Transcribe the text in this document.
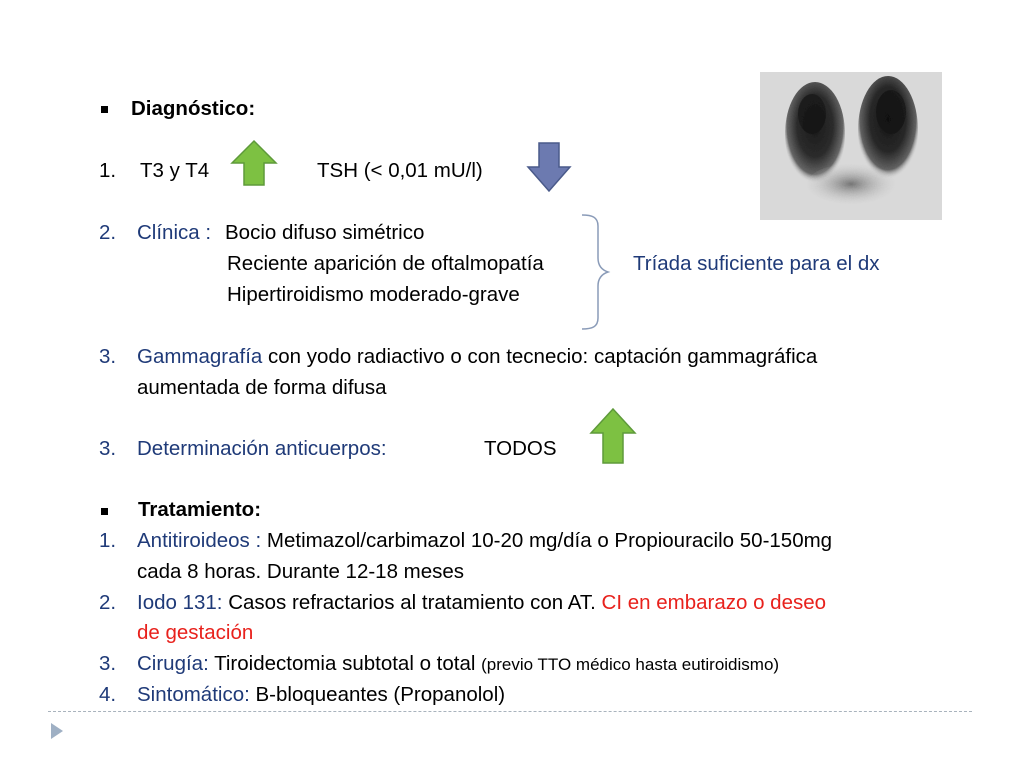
Diagnóstico:
1. T3 y T4	TSH (< 0,01 mU/l)
2. Clínica : Bocio difuso simétrico
Reciente aparición de oftalmopatía
Hipertiroidismo moderado-grave
Tríada suficiente para el dx
3. Gammagrafía con yodo radiactivo o con tecnecio: captación gammagráfica
aumentada de forma difusa
3. Determinación anticuerpos:	TODOS
Tratamiento:
1. Antitiroideos : Metimazol/carbimazol 10-20 mg/día o Propiouracilo 50-150mg
cada 8 horas. Durante 12-18 meses
2. Iodo 131: Casos refractarios al tratamiento con AT. CI en embarazo o deseo
de gestación
3. Cirugía: Tiroidectomia subtotal o total (previo TTO médico hasta eutiroidismo)
4. Sintomático: B-bloqueantes (Propanolol)
